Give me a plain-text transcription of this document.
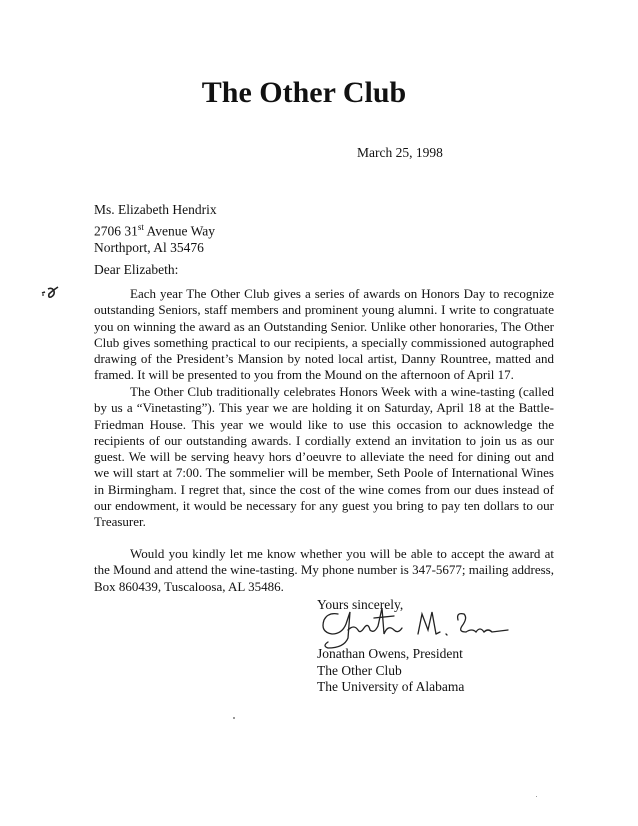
The Other Club
March 25, 1998
Ms. Elizabeth Hendrix
2706 31st Avenue Way
Northport, Al 35476
Dear Elizabeth:

Each year The Other Club gives a series of awards on Honors Day to recognize outstanding Seniors, staff members and prominent young alumni. I write to congratuate you on winning the award as an Outstanding Senior. Unlike other honoraries, The Other Club gives something practical to our recipients, a specially commissioned autographed drawing of the President’s Mansion by noted local artist, Danny Rountree, matted and framed. It will be presented to you from the Mound on the afternoon of April 17.

The Other Club traditionally celebrates Honors Week with a wine-tasting (called by us a “Vinetasting”). This year we are holding it on Saturday, April 18 at the Battle-Friedman House. This year we would like to use this occasion to acknowledge the recipients of our outstanding awards. I cordially extend an invitation to join us as our guest. We will be serving heavy hors d’oeuvre to alleviate the need for dining out and we will start at 7:00. The sommelier will be member, Seth Poole of International Wines in Birmingham. I regret that, since the cost of the wine comes from our dues instead of our endowment, it would be necessary for any guest you bring to pay ten dollars to our Treasurer.

Would you kindly let me know whether you will be able to accept the award at the Mound and attend the wine-tasting. My phone number is 347-5677; mailing address, Box 860439, Tuscaloosa, AL 35486.

Yours sincerely,
Jonathan Owens, President
The Other Club
The University of Alabama
